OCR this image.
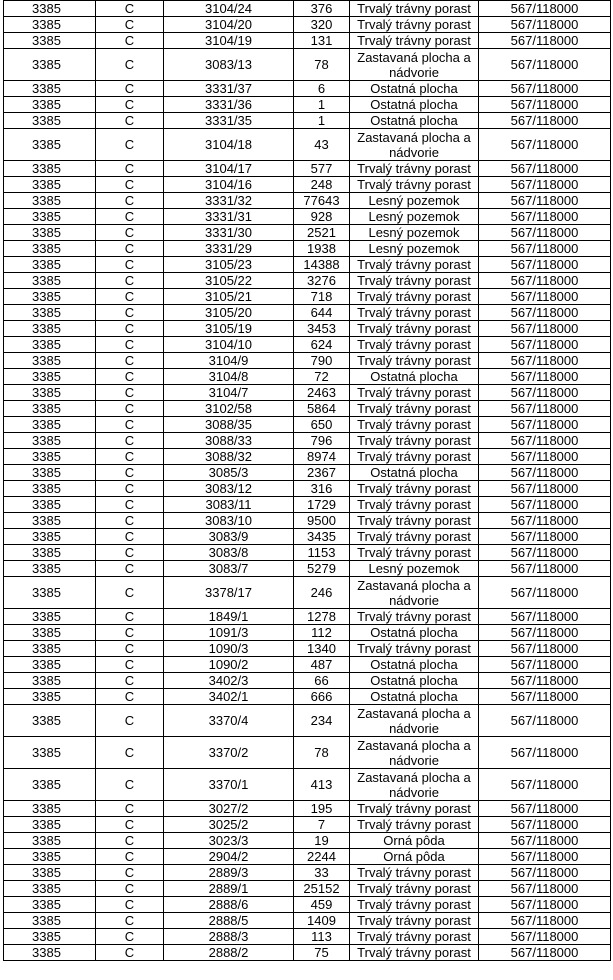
3385	C	3104/24	376	Trvalý trávny porast	567/118000
3385	C	3104/20	320	Trvalý trávny porast	567/118000
3385	C	3104/19	131	Trvalý trávny porast	567/118000
3385	C	3083/13	78	Zastavaná plocha a nádvorie	567/118000
3385	C	3331/37	6	Ostatná plocha	567/118000
3385	C	3331/36	1	Ostatná plocha	567/118000
3385	C	3331/35	1	Ostatná plocha	567/118000
3385	C	3104/18	43	Zastavaná plocha a nádvorie	567/118000
3385	C	3104/17	577	Trvalý trávny porast	567/118000
3385	C	3104/16	248	Trvalý trávny porast	567/118000
3385	C	3331/32	77643	Lesný pozemok	567/118000
3385	C	3331/31	928	Lesný pozemok	567/118000
3385	C	3331/30	2521	Lesný pozemok	567/118000
3385	C	3331/29	1938	Lesný pozemok	567/118000
3385	C	3105/23	14388	Trvalý trávny porast	567/118000
3385	C	3105/22	3276	Trvalý trávny porast	567/118000
3385	C	3105/21	718	Trvalý trávny porast	567/118000
3385	C	3105/20	644	Trvalý trávny porast	567/118000
3385	C	3105/19	3453	Trvalý trávny porast	567/118000
3385	C	3104/10	624	Trvalý trávny porast	567/118000
3385	C	3104/9	790	Trvalý trávny porast	567/118000
3385	C	3104/8	72	Ostatná plocha	567/118000
3385	C	3104/7	2463	Trvalý trávny porast	567/118000
3385	C	3102/58	5864	Trvalý trávny porast	567/118000
3385	C	3088/35	650	Trvalý trávny porast	567/118000
3385	C	3088/33	796	Trvalý trávny porast	567/118000
3385	C	3088/32	8974	Trvalý trávny porast	567/118000
3385	C	3085/3	2367	Ostatná plocha	567/118000
3385	C	3083/12	316	Trvalý trávny porast	567/118000
3385	C	3083/11	1729	Trvalý trávny porast	567/118000
3385	C	3083/10	9500	Trvalý trávny porast	567/118000
3385	C	3083/9	3435	Trvalý trávny porast	567/118000
3385	C	3083/8	1153	Trvalý trávny porast	567/118000
3385	C	3083/7	5279	Lesný pozemok	567/118000
3385	C	3378/17	246	Zastavaná plocha a nádvorie	567/118000
3385	C	1849/1	1278	Trvalý trávny porast	567/118000
3385	C	1091/3	112	Ostatná plocha	567/118000
3385	C	1090/3	1340	Trvalý trávny porast	567/118000
3385	C	1090/2	487	Ostatná plocha	567/118000
3385	C	3402/3	66	Ostatná plocha	567/118000
3385	C	3402/1	666	Ostatná plocha	567/118000
3385	C	3370/4	234	Zastavaná plocha a nádvorie	567/118000
3385	C	3370/2	78	Zastavaná plocha a nádvorie	567/118000
3385	C	3370/1	413	Zastavaná plocha a nádvorie	567/118000
3385	C	3027/2	195	Trvalý trávny porast	567/118000
3385	C	3025/2	7	Trvalý trávny porast	567/118000
3385	C	3023/3	19	Orná pôda	567/118000
3385	C	2904/2	2244	Orná pôda	567/118000
3385	C	2889/3	33	Trvalý trávny porast	567/118000
3385	C	2889/1	25152	Trvalý trávny porast	567/118000
3385	C	2888/6	459	Trvalý trávny porast	567/118000
3385	C	2888/5	1409	Trvalý trávny porast	567/118000
3385	C	2888/3	113	Trvalý trávny porast	567/118000
3385	C	2888/2	75	Trvalý trávny porast	567/118000
